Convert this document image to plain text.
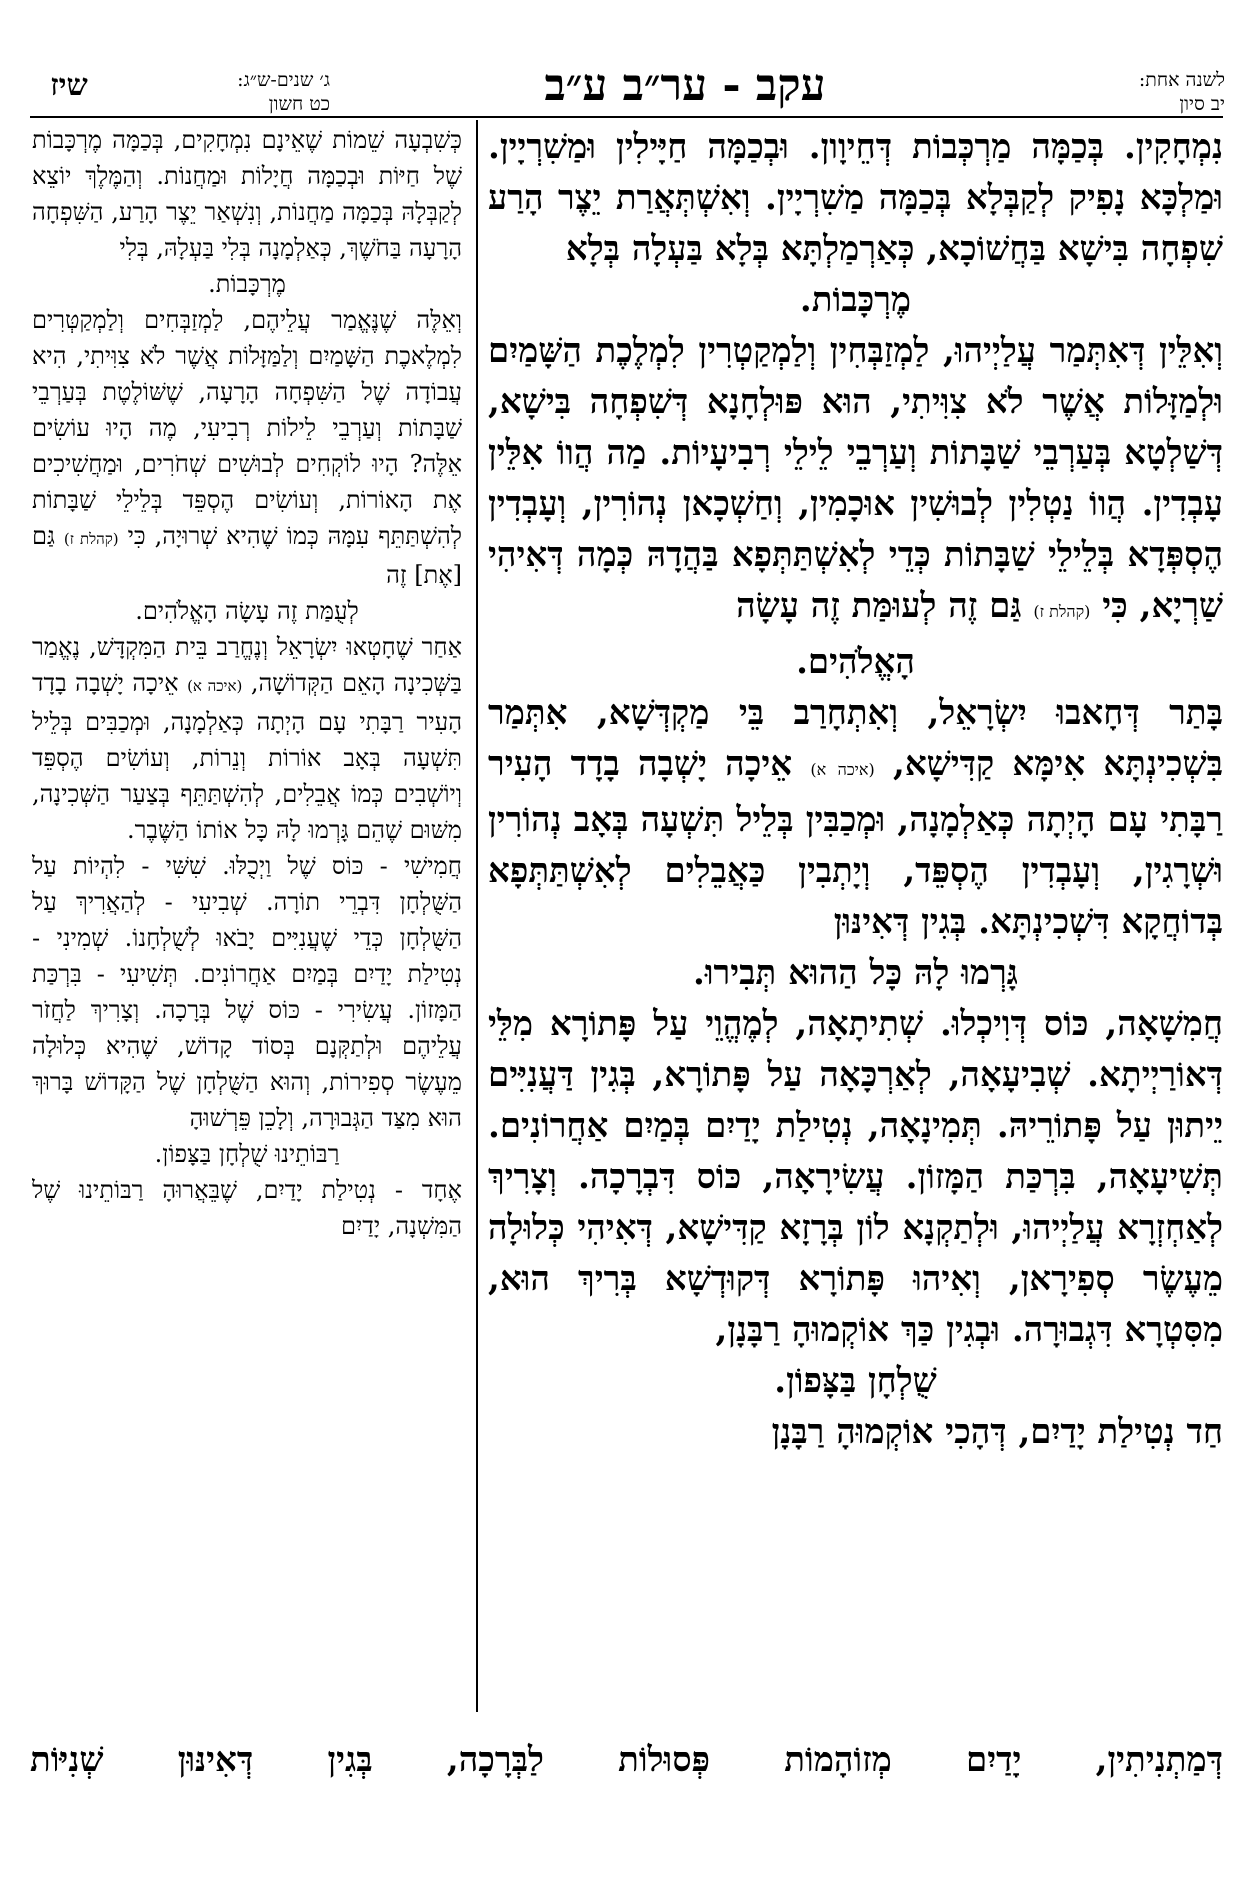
לשנה אחת:
יב סיון
עקב - ער״ב ע״ב
ג׳ שנים-ש״ג:
כט חשון
שיז

נִמְחָקִין. בְּכַמָּה מַרְכְּבוֹת דְּחֵיוָון. וּבְכַמָּה חַיָּילִין וּמַשִׁרְיָין. וּמַלְכָּא נָפִיק לְקַבְּלָא בְּכַמָּה מַשִׁרְיָין. וְאִשְׁתְּאֲרַת יֵצֶר הָרַע שִׁפְחָה בִּישָׁא בַּחֲשׁוֹכָא, כְּאַרְמַלְתָּא בְּלָא בַּעְלָה בְּלָא

מֶרְכָּבוֹת.

וְאִלֵּין דְּאִתְּמַר עֲלַיְיהוּ, לַמְזַבְּחִין וְלַמְקַטְרִין לִמְלֶכֶת הַשָּׁמַיִם וּלְמַזָּלוֹת אֲשֶׁר לֹא צִוִּיתִי, הוּא פּוּלְחָנָא דְּשִׁפְחָה בִּישָׁא, דְּשַׁלְטָא בְּעַרְבֵי שַׁבָּתוֹת וְעַרְבֵי לֵילֵי רְבִיעָיוֹת. מַה הֲווֹ אִלֵּין עָבְדִין. הֲווֹ נַטְלִין לְבוּשִׁין אוּכָמִין, וְחַשְׁכָאן נְהוֹרִין, וְעָבְדִין הֶסְפְּדָא בְּלֵילֵי שַׁבָּתוֹת כְּדֵי לְאִשְׁתַּתְּפָא בַּהֲדָהּ כְּמָה דְּאִיהִי שַׁרְיָא, כִּי (קהלת ז) גַּם זֶה לְעוּמַּת זֶה עָשָׂה

הָאֱלֹהִים.

בָּתַר דְּחָאבוּ יִשְׂרָאֵל, וְאִתְחָרַב בֵּי מַקְדְּשָׁא, אִתְּמַר בִּשְׁכִינְתָּא אִימָּא קַדִּישָׁא, (איכה א) אֵיכָה יָשְׁבָה בָדָד הָעִיר רַבָּתִי עָם הָיְתָה כְּאַלְמָנָה, וּמְכַבִּין בְּלֵיל תִּשְׁעָה בְּאָב נְהוֹרִין וּשְׁרָגִין, וְעָבְדִין הֶסְפֵּד, וְיָתְבִין כַּאֲבֵלִים לְאִשְׁתַּתְּפָא בְּדוֹחֲקָא דִּשְׁכִינְתָּא. בְּגִין דְּאִינּוּן

גָּרְמוּ לָהּ כָּל הַהוּא תְּבִירוּ.

חֲמִשָׁאָה, כּוֹס דְּוִיכְלוּ. שְׁתִיתָאָה, לְמֶהֱוֵי עַל פָּתוֹרָא מִלֵּי דְּאוֹרַיְיתָא. שְׁבִיעָאָה, לְאַרְכָּאָה עַל פָּתוֹרָא, בְּגִין דַּעֲנִיִּים יֵיתוּן עַל פָּתוֹרֵיהּ. תְּמִינָאָה, נְטִילַת יָדַיִם בְּמַיִם אַחֲרוֹנִים. תְּשִׁיעָאָה, בִּרְכַּת הַמָּזוֹן. עֲשִׂירָאָה, כּוֹס דִּבְרָכָה. וְצָרִיךְ לְאַחְזְרָא עֲלַיְיהוּ, וּלְתַקְנָא לוֹן בְּרָזָא קַדִּישָׁא, דְּאִיהִי כְּלוּלָה מֵעֶשֶׂר סְפִירָאן, וְאִיהוּ פָּתוֹרָא דְּקוּדְשָׁא בְּרִיךְ הוּא, מִסִּטְרָא דִּגְבוּרָה. וּבְגִין כַּךְ אוֹקְמוּהָ רַבָּנָן,

שֻׁלְחָן בַּצָּפוֹן.

חַד נְטִילַת יָדַיִם, דְּהָכִי אוֹקְמוּהָ רַבָּנָן

כְּשִׁבְעָה שֵׁמוֹת שֶׁאֵינָם נִמְחָקִים, בְּכַמָּה מֶרְכָּבוֹת שֶׁל חַיּוֹת וּבְכַמָּה חֲיָלוֹת וּמַחֲנוֹת. וְהַמֶּלֶךְ יוֹצֵא לְקַבְּלָהּ בְּכַמָּה מַחֲנוֹת, וְנִשְׁאַר יֵצֶר הָרַע, הַשִּׁפְחָה הָרָעָה בַּחֹשֶׁךְ, כְּאַלְמָנָה בְּלִי בַּעְלָהּ, בְּלִי

מֶרְכָּבוֹת.

וְאֵלֶּה שֶׁנֶּאֱמַר עֲלֵיהֶם, לַמְזַבְּחִים וְלַמְקַטְּרִים לִמְלֶאכֶת הַשָּׁמַיִם וְלַמַּזָּלוֹת אֲשֶׁר לֹא צִוִּיתִי, הִיא עֲבוֹדָה שֶׁל הַשִּׁפְחָה הָרָעָה, שֶׁשּׁוֹלֶטֶת בְּעַרְבֵי שַׁבָּתוֹת וְעַרְבֵי לֵילוֹת רְבִיעִי, מֶה הָיוּ עוֹשִׂים אֵלֶּה? הָיוּ לוֹקְחִים לְבוּשִׁים שְׁחֹרִים, וּמַחֲשִׁיכִים אֶת הָאוֹרוֹת, וְעוֹשִׂים הֶסְפֵּד בְּלֵילֵי שַׁבָּתוֹת לְהִשְׁתַּתֵּף עִמָּהּ כְּמוֹ שֶׁהִיא שְׁרוּיָה, כִּי (קהלת ז) גַּם [אֶת] זֶה

לְעֻמַּת זֶה עָשָׂה הָאֱלֹהִים.

אַחַר שֶׁחָטְאוּ יִשְׂרָאֵל וְנֶחֱרַב בֵּית הַמִּקְדָּשׁ, נֶאֱמַר בַּשְּׁכִינָה הָאֵם הַקְּדוֹשָׁה, (איכה א) אֵיכָה יָשְׁבָה בָדָד הָעִיר רַבָּתִי עָם הָיְתָה כְּאַלְמָנָה, וּמְכַבִּים בְּלֵיל תִּשְׁעָה בְּאָב אוֹרוֹת וְנֵרוֹת, וְעוֹשִׂים הֶסְפֵּד וְיוֹשְׁבִים כְּמוֹ אֲבֵלִים, לְהִשְׁתַּתֵּף בְּצַעַר הַשְּׁכִינָה, מִשּׁוּם שֶׁהֵם גָּרְמוּ לָהּ כָּל אוֹתוֹ הַשֶּׁבֶר.

חֲמִישִׁי - כּוֹס שֶׁל וַיְכֻלּוּ. שִׁשִּׁי - לִהְיוֹת עַל הַשֻּׁלְחָן דִּבְרֵי תוֹרָה. שְׁבִיעִי - לְהַאֲרִיךְ עַל הַשֻּׁלְחָן כְּדֵי שֶׁעֲנִיִּים יָבֹאוּ לְשֻׁלְחָנוֹ. שְׁמִינִי - נְטִילַת יָדַיִם בְּמַיִם אַחֲרוֹנִים. תְּשִׁיעִי - בִּרְכַּת הַמָּזוֹן. עֲשִׂירִי - כּוֹס שֶׁל בְּרָכָה. וְצָרִיךְ לַחֲזֹר עֲלֵיהֶם וּלְתַקְּנָם בְּסוֹד קָדוֹשׁ, שֶׁהִיא כְּלוּלָה מֵעֶשֶׂר סְפִירוֹת, וְהוּא הַשֻּׁלְחָן שֶׁל הַקָּדוֹשׁ בָּרוּךְ הוּא מִצַּד הַגְּבוּרָה, וְלָכֵן פֵּרְשׁוּהָ

רַבּוֹתֵינוּ שֻׁלְחָן בַּצָּפוֹן.

אֶחָד - נְטִילַת יָדַיִם, שֶׁבֵּאֲרוּהָ רַבּוֹתֵינוּ שֶׁל הַמִּשְׁנָה, יָדַיִם

דְּמַתְנִיתִין, יָדַיִם מְזוֹהָמוֹת פְּסוּלוֹת לַבְּרָכָה, בְּגִין דְּאִינּוּן שְׁנִיּוֹת
